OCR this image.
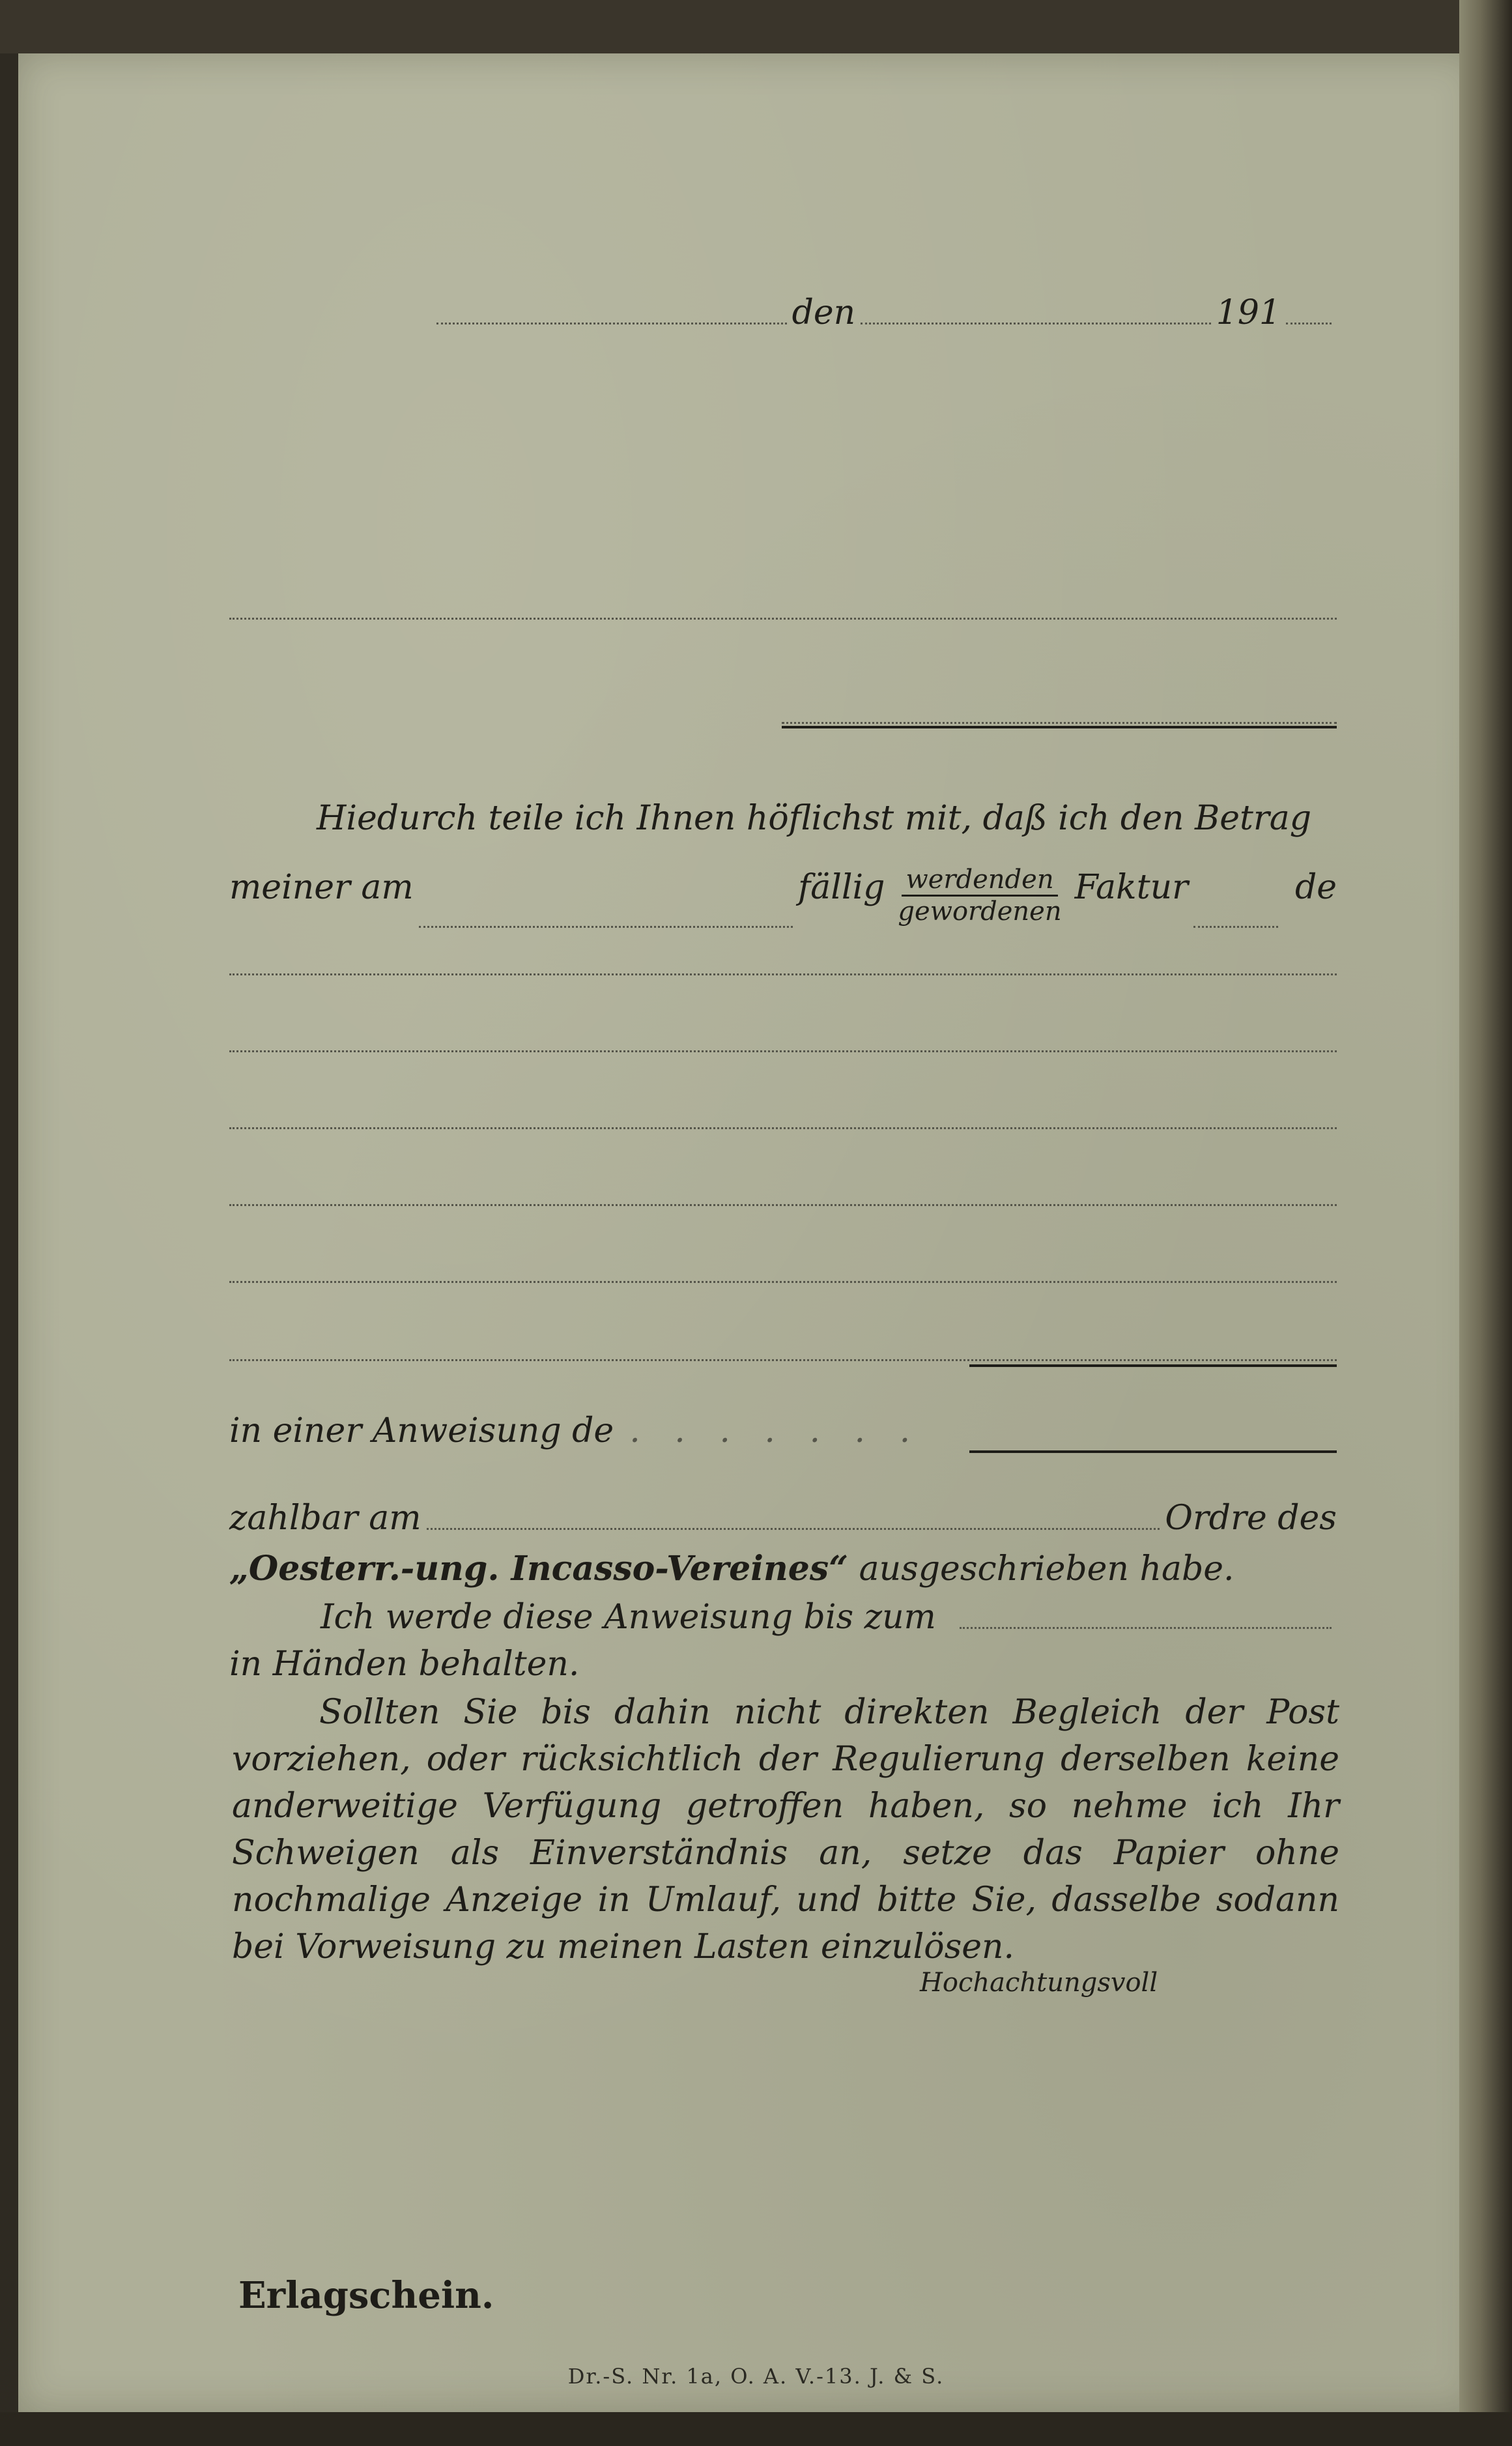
den	191
Hiedurch teile ich Ihnen höflichst mit, daß ich den Betrag
meiner am	fällig $\frac{\text{werdenden}}{\text{gewordenen}}$ Faktur	de
in einer Anweisung de . . . . . . .
zahlbar am	Ordre des
„Oesterr.-ung. Incasso-Vereines“ ausgeschrieben habe.
Ich werde diese Anweisung bis zum
in Händen behalten.
Sollten Sie bis dahin nicht direkten Begleich der Post vorziehen, oder rücksichtlich der Regulierung derselben keine anderweitige Verfügung getroffen haben, so nehme ich Ihr Schweigen als Einverständnis an, setze das Papier ohne nochmalige Anzeige in Umlauf, und bitte Sie, dasselbe sodann bei Vorweisung zu meinen Lasten einzulösen.
Hochachtungsvoll
Erlagschein.
Dr.-S. Nr. 1a, O. A. V.-13. J. & S.
